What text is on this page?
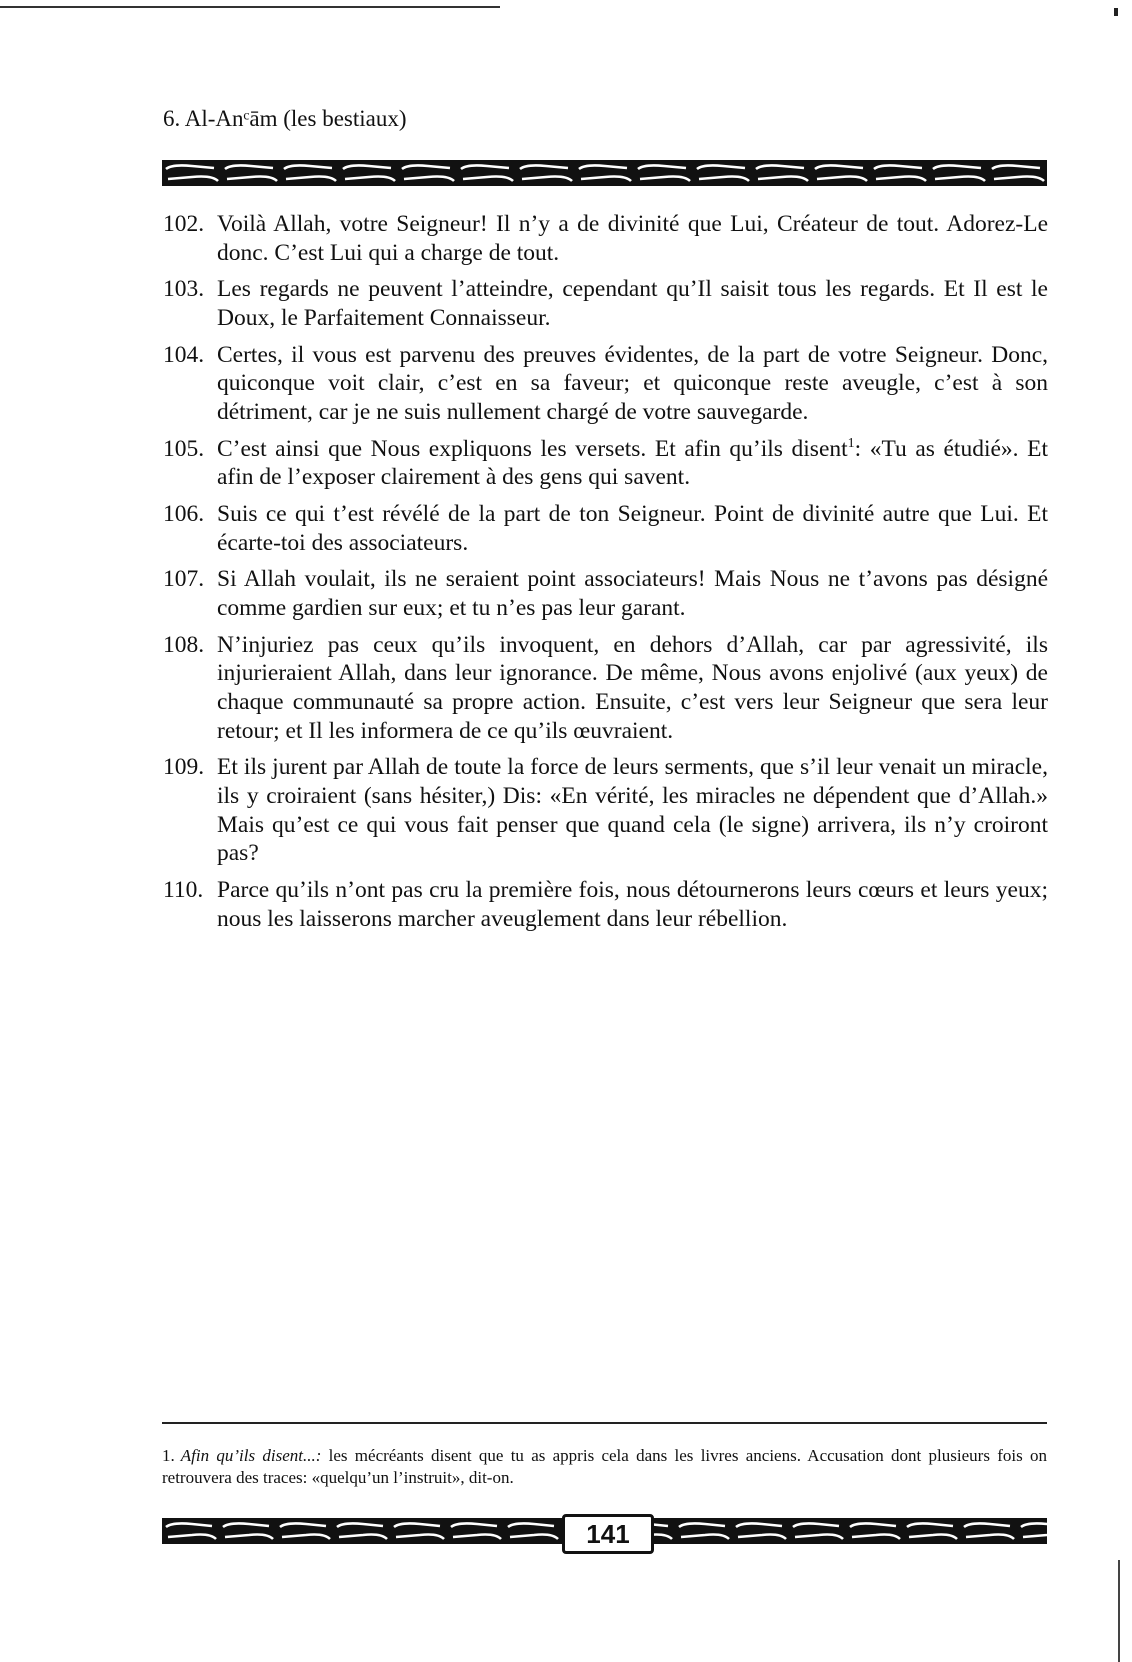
6. Al-Anᶜām (les bestiaux)
102. Voilà Allah, votre Seigneur! Il n’y a de divinité que Lui, Créateur de tout. Adorez-Le donc. C’est Lui qui a charge de tout.
103. Les regards ne peuvent l’atteindre, cependant qu’Il saisit tous les regards. Et Il est le Doux, le Parfaitement Connaisseur.
104. Certes, il vous est parvenu des preuves évidentes, de la part de votre Seigneur. Donc, quiconque voit clair, c’est en sa faveur; et quiconque reste aveugle, c’est à son détriment, car je ne suis nullement chargé de votre sauvegarde.
105. C’est ainsi que Nous expliquons les versets. Et afin qu’ils disent$^1$: «Tu as étudié». Et afin de l’exposer clairement à des gens qui savent.
106. Suis ce qui t’est révélé de la part de ton Seigneur. Point de divinité autre que Lui. Et écarte-toi des associateurs.
107. Si Allah voulait, ils ne seraient point associateurs! Mais Nous ne t’avons pas désigné comme gardien sur eux; et tu n’es pas leur garant.
108. N’injuriez pas ceux qu’ils invoquent, en dehors d’Allah, car par agressivité, ils injurieraient Allah, dans leur ignorance. De même, Nous avons enjolivé (aux yeux) de chaque communauté sa propre action. Ensuite, c’est vers leur Seigneur que sera leur retour; et Il les informera de ce qu’ils œuvraient.
109. Et ils jurent par Allah de toute la force de leurs serments, que s’il leur venait un miracle, ils y croiraient (sans hésiter,) Dis: «En vérité, les miracles ne dépendent que d’Allah.» Mais qu’est ce qui vous fait penser que quand cela (le signe) arrivera, ils n’y croiront pas?
110. Parce qu’ils n’ont pas cru la première fois, nous détournerons leurs cœurs et leurs yeux; nous les laisserons marcher aveuglement dans leur rébellion.
1. Afin qu’ils disent...: les mécréants disent que tu as appris cela dans les livres anciens. Accusation dont plusieurs fois on retrouvera des traces: «quelqu’un l’instruit», dit-on.
141
